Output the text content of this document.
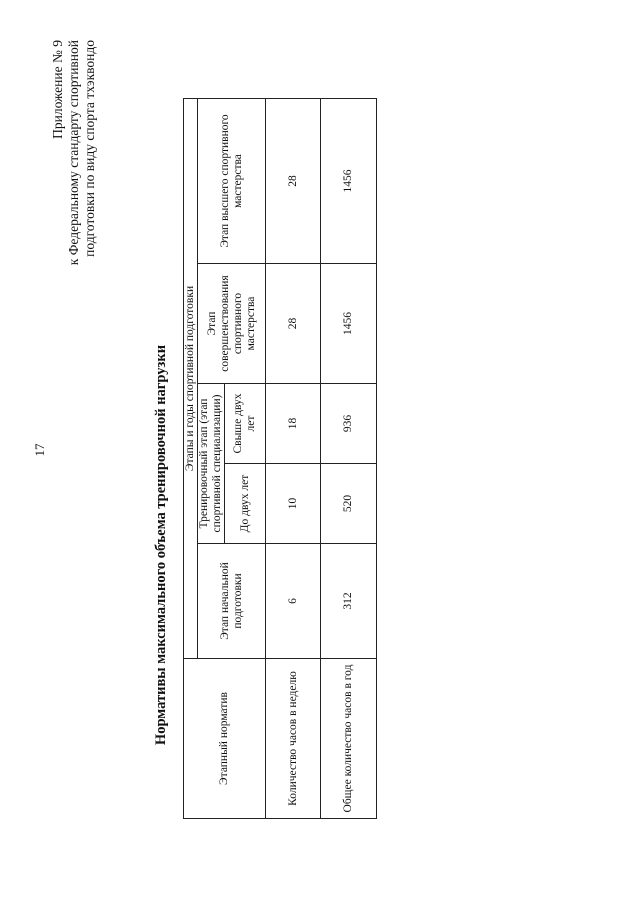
17
Приложение № 9 к Федеральному стандарту спортивной подготовки по виду спорта тхэквондо
Нормативы максимального объема тренировочной нагрузки	Этапный норматив	Этапы и годы спортивной подготовки				
	Этап начальной подготовки	Тренировочный этап (этап спортивной специализации)		Этап совершенствования спортивного мастерства	Этап высшего спортивного мастерства
		До двух лет	Свыше двух лет		
Количество часов в неделю	6	10	18	28	28
Общее количество часов в год	312	520	936	1456	1456
